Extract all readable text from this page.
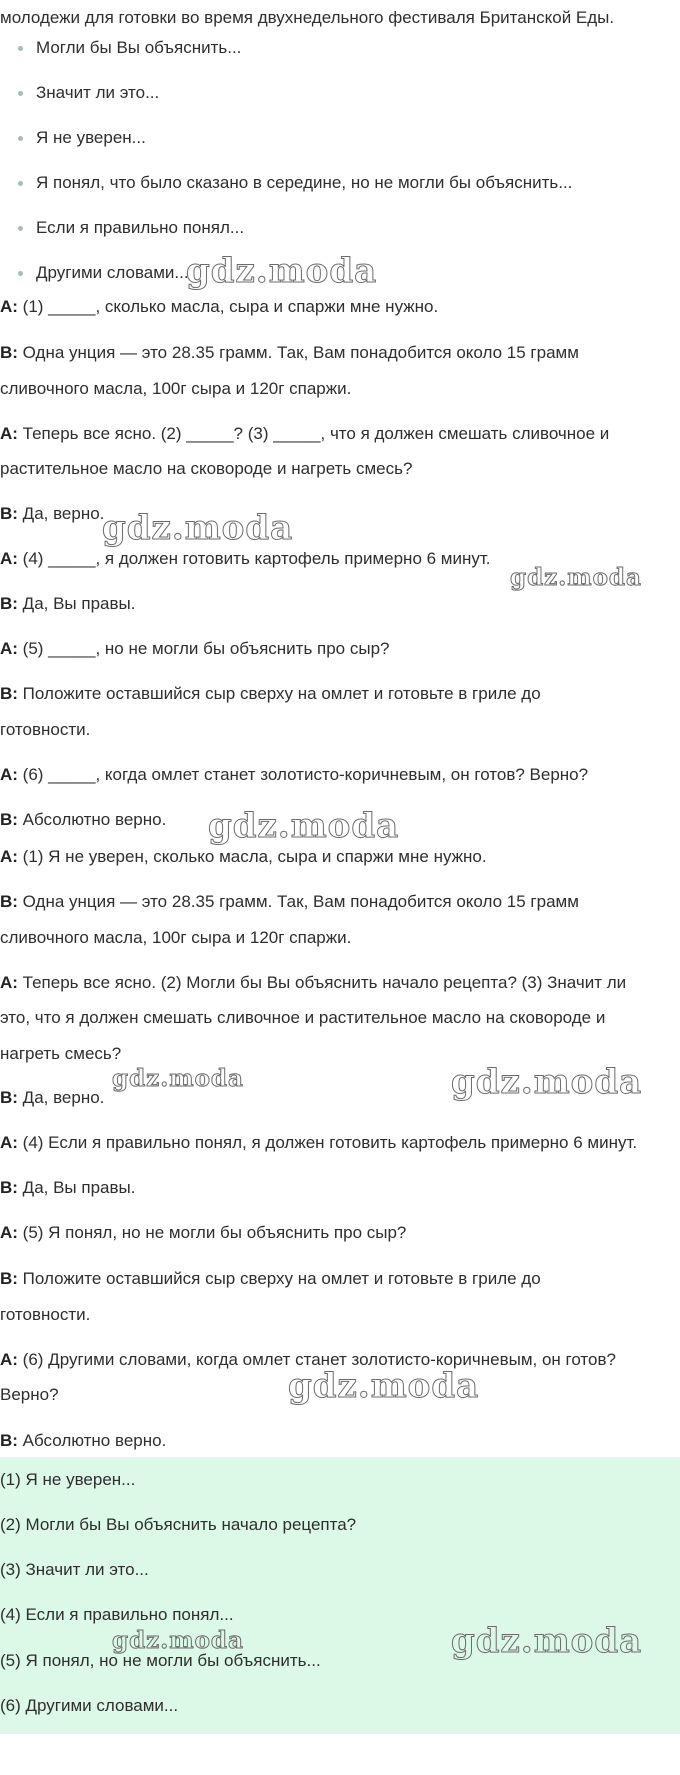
молодежи для готовки во время двухнедельного фестиваля Британской Еды.

Могли бы Вы объяснить...
Значит ли это...
Я не уверен...
Я понял, что было сказано в середине, но не могли бы объяснить...
Если я правильно понял...
Другими словами...

A: (1) _____, сколько масла, сыра и спаржи мне нужно.

B: Одна унция — это 28.35 грамм. Так, Вам понадобится около 15 грамм

сливочного масла, 100г сыра и 120г спаржи.

A: Теперь все ясно. (2) _____? (3) _____, что я должен смешать сливочное и

растительное масло на сковороде и нагреть смесь?

B: Да, верно.

A: (4) _____, я должен готовить картофель примерно 6 минут.

B: Да, Вы правы.

A: (5) _____, но не могли бы объяснить про сыр?

B: Положите оставшийся сыр сверху на омлет и готовьте в гриле до

готовности.

A: (6) _____, когда омлет станет золотисто-коричневым, он готов? Верно?

B: Абсолютно верно.

A: (1) Я не уверен, сколько масла, сыра и спаржи мне нужно.

B: Одна унция — это 28.35 грамм. Так, Вам понадобится около 15 грамм

сливочного масла, 100г сыра и 120г спаржи.

A: Теперь все ясно. (2) Могли бы Вы объяснить начало рецепта? (3) Значит ли

это, что я должен смешать сливочное и растительное масло на сковороде и

нагреть смесь?

B: Да, верно.

A: (4) Если я правильно понял, я должен готовить картофель примерно 6 минут.

B: Да, Вы правы.

A: (5) Я понял, но не могли бы объяснить про сыр?

B: Положите оставшийся сыр сверху на омлет и готовьте в гриле до

готовности.

A: (6) Другими словами, когда омлет станет золотисто-коричневым, он готов?

Верно?

B: Абсолютно верно.

(1) Я не уверен...

(2) Могли бы Вы объяснить начало рецепта?

(3) Значит ли это...

(4) Если я правильно понял...

(5) Я понял, но не могли бы объяснить...

(6) Другими словами...

gdz.moda
gdz.moda
gdz.moda
gdz.moda
gdz.moda	gdz.moda
gdz.moda
gdz.moda	gdz.moda
